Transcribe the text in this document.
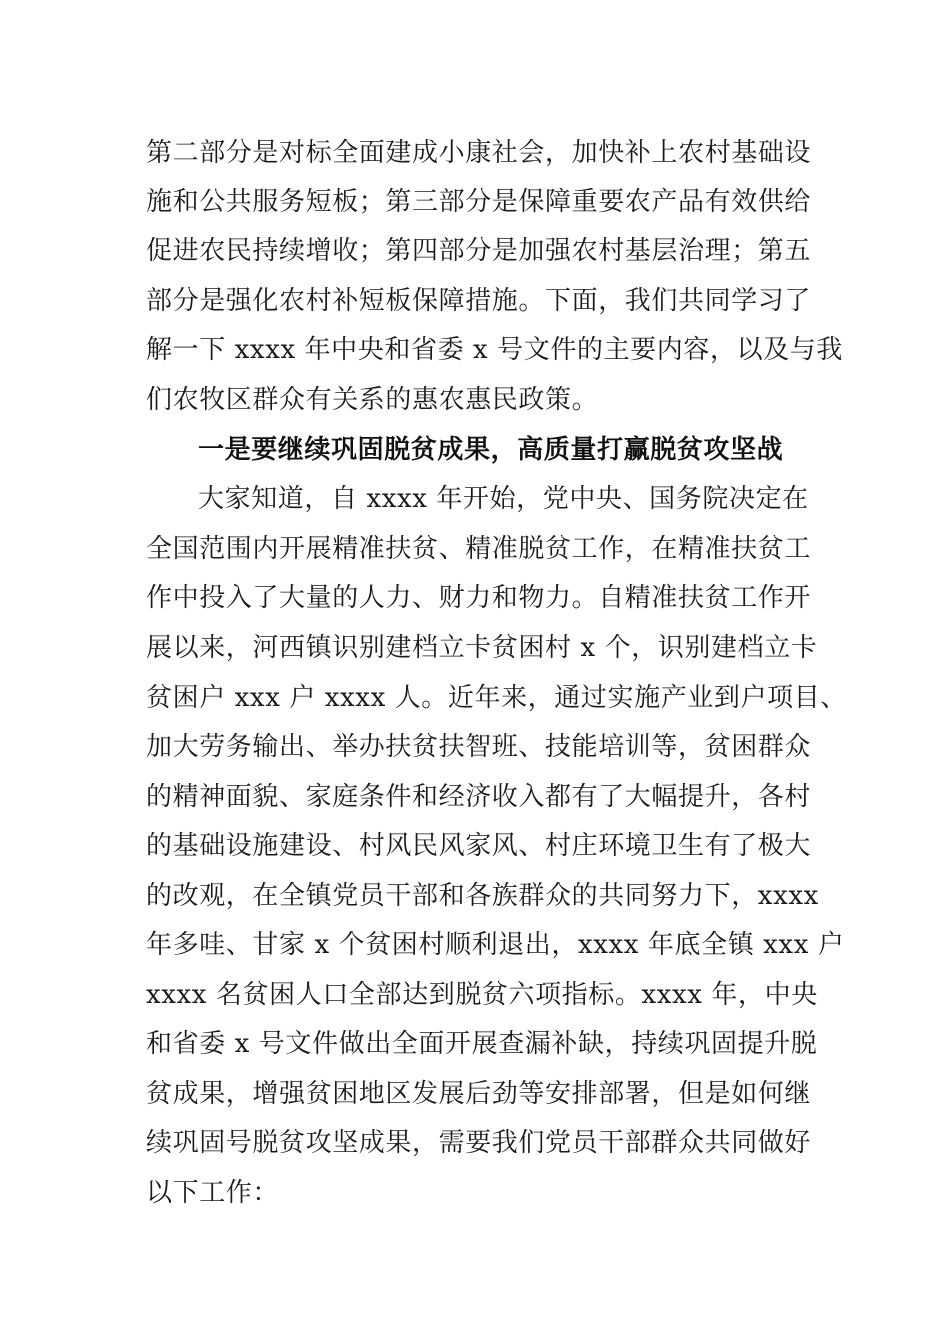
第二部分是对标全面建成小康社会，加快补上农村基础设
施和公共服务短板；第三部分是保障重要农产品有效供给
促进农民持续增收；第四部分是加强农村基层治理；第五
部分是强化农村补短板保障措施。下面，我们共同学习了
解一下 xxxx 年中央和省委 x 号文件的主要内容，以及与我
们农牧区群众有关系的惠农惠民政策。
一是要继续巩固脱贫成果，高质量打赢脱贫攻坚战
大家知道，自 xxxx 年开始，党中央、国务院决定在
全国范围内开展精准扶贫、精准脱贫工作，在精准扶贫工
作中投入了大量的人力、财力和物力。自精准扶贫工作开
展以来，河西镇识别建档立卡贫困村 x 个，识别建档立卡
贫困户 xxx 户 xxxx 人。近年来，通过实施产业到户项目、
加大劳务输出、举办扶贫扶智班、技能培训等，贫困群众
的精神面貌、家庭条件和经济收入都有了大幅提升，各村
的基础设施建设、村风民风家风、村庄环境卫生有了极大
的改观，在全镇党员干部和各族群众的共同努力下，xxxx
年多哇、甘家 x 个贫困村顺利退出，xxxx 年底全镇 xxx 户
xxxx 名贫困人口全部达到脱贫六项指标。xxxx 年，中央
和省委 x 号文件做出全面开展查漏补缺，持续巩固提升脱
贫成果，增强贫困地区发展后劲等安排部署，但是如何继
续巩固号脱贫攻坚成果，需要我们党员干部群众共同做好
以下工作：
